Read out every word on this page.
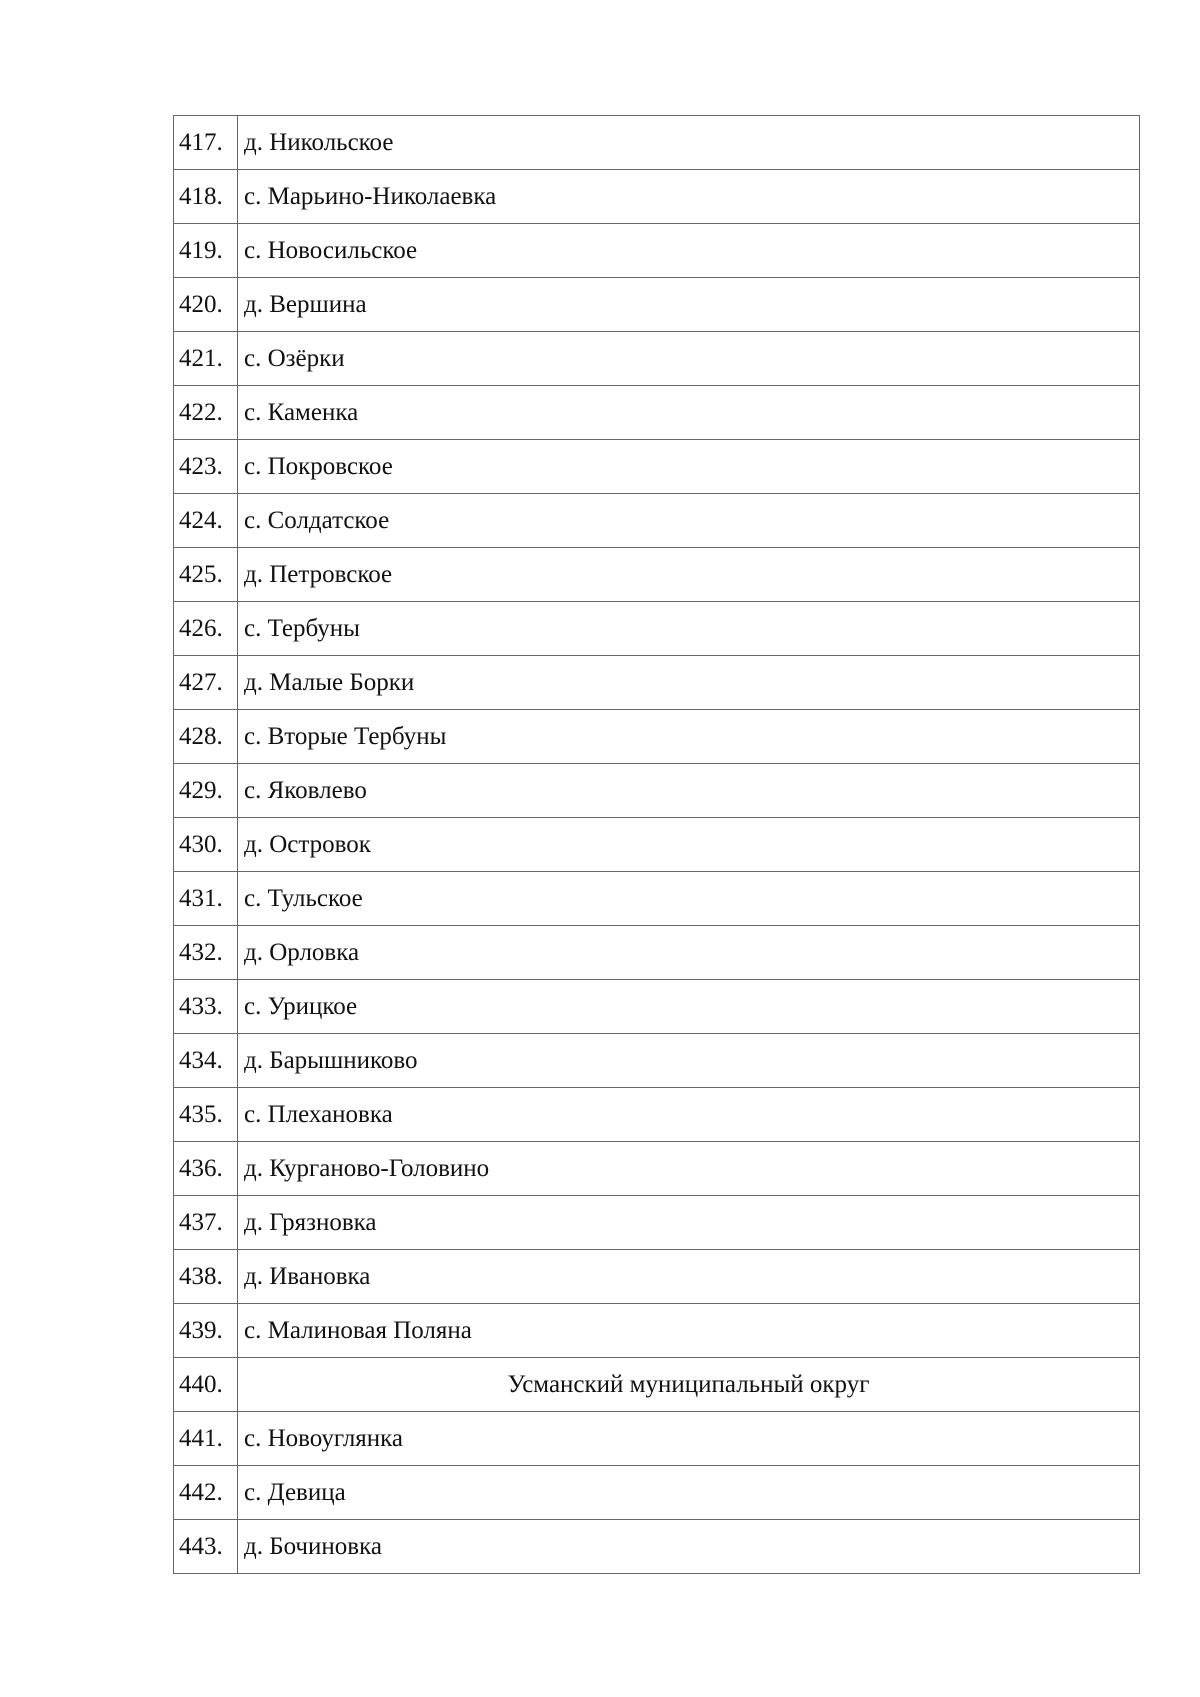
417.	д. Никольское
418.	с. Марьино-Николаевка
419.	с. Новосильское
420.	д. Вершина
421.	с. Озёрки
422.	с. Каменка
423.	с. Покровское
424.	с. Солдатское
425.	д. Петровское
426.	с. Тербуны
427.	д. Малые Борки
428.	с. Вторые Тербуны
429.	с. Яковлево
430.	д. Островок
431.	с. Тульское
432.	д. Орловка
433.	с. Урицкое
434.	д. Барышниково
435.	с. Плехановка
436.	д. Курганово-Головино
437.	д. Грязновка
438.	д. Ивановка
439.	с. Малиновая Поляна
440.	Усманский муниципальный округ
441.	с. Новоуглянка
442.	с. Девица
443.	д. Бочиновка
